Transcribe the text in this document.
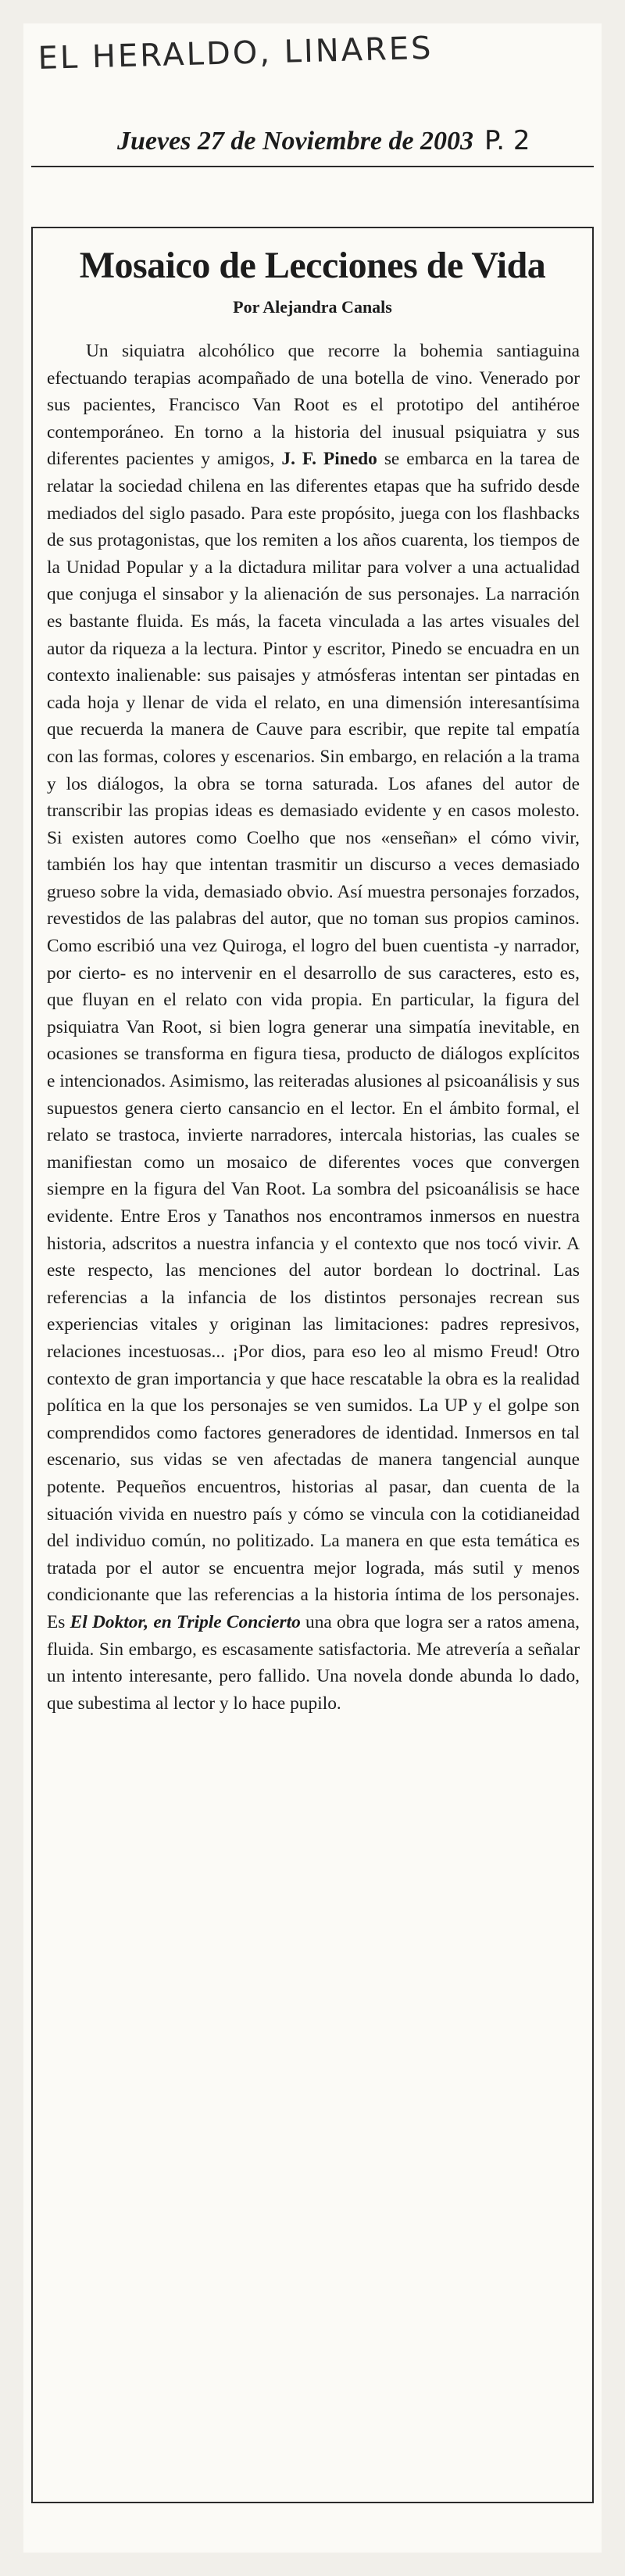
EL HERALDO, LINARES
Jueves 27 de Noviembre de 2003 P. 2
Mosaico de Lecciones de Vida
Por Alejandra Canals
Un siquiatra alcohólico que recorre la bohemia santiaguina efectuando terapias acompañado de una botella de vino. Venerado por sus pacientes, Francisco Van Root es el prototipo del antihéroe contemporáneo. En torno a la historia del inusual psiquiatra y sus diferentes pacientes y amigos, J. F. Pinedo se embarca en la tarea de relatar la sociedad chilena en las diferentes etapas que ha sufrido desde mediados del siglo pasado. Para este propósito, juega con los flashbacks de sus protagonistas, que los remiten a los años cuarenta, los tiempos de la Unidad Popular y a la dictadura militar para volver a una actualidad que conjuga el sinsabor y la alienación de sus personajes. La narración es bastante fluida. Es más, la faceta vinculada a las artes visuales del autor da riqueza a la lectura. Pintor y escritor, Pinedo se encuadra en un contexto inalienable: sus paisajes y atmósferas intentan ser pintadas en cada hoja y llenar de vida el relato, en una dimensión interesantísima que recuerda la manera de Cauve para escribir, que repite tal empatía con las formas, colores y escenarios. Sin embargo, en relación a la trama y los diálogos, la obra se torna saturada. Los afanes del autor de transcribir las propias ideas es demasiado evidente y en casos molesto. Si existen autores como Coelho que nos «enseñan» el cómo vivir, también los hay que intentan trasmitir un discurso a veces demasiado grueso sobre la vida, demasiado obvio. Así muestra personajes forzados, revestidos de las palabras del autor, que no toman sus propios caminos. Como escribió una vez Quiroga, el logro del buen cuentista -y narrador, por cierto- es no intervenir en el desarrollo de sus caracteres, esto es, que fluyan en el relato con vida propia. En particular, la figura del psiquiatra Van Root, si bien logra generar una simpatía inevitable, en ocasiones se transforma en figura tiesa, producto de diálogos explícitos e intencionados. Asimismo, las reiteradas alusiones al psicoanálisis y sus supuestos genera cierto cansancio en el lector. En el ámbito formal, el relato se trastoca, invierte narradores, intercala historias, las cuales se manifiestan como un mosaico de diferentes voces que convergen siempre en la figura del Van Root. La sombra del psicoanálisis se hace evidente. Entre Eros y Tanathos nos encontramos inmersos en nuestra historia, adscritos a nuestra infancia y el contexto que nos tocó vivir. A este respecto, las menciones del autor bordean lo doctrinal. Las referencias a la infancia de los distintos personajes recrean sus experiencias vitales y originan las limitaciones: padres represivos, relaciones incestuosas... ¡Por dios, para eso leo al mismo Freud! Otro contexto de gran importancia y que hace rescatable la obra es la realidad política en la que los personajes se ven sumidos. La UP y el golpe son comprendidos como factores generadores de identidad. Inmersos en tal escenario, sus vidas se ven afectadas de manera tangencial aunque potente. Pequeños encuentros, historias al pasar, dan cuenta de la situación vivida en nuestro país y cómo se vincula con la cotidianeidad del individuo común, no politizado. La manera en que esta temática es tratada por el autor se encuentra mejor lograda, más sutil y menos condicionante que las referencias a la historia íntima de los personajes. Es El Doktor, en Triple Concierto una obra que logra ser a ratos amena, fluida. Sin embargo, es escasamente satisfactoria. Me atrevería a señalar un intento interesante, pero fallido. Una novela donde abunda lo dado, que subestima al lector y lo hace pupilo.
